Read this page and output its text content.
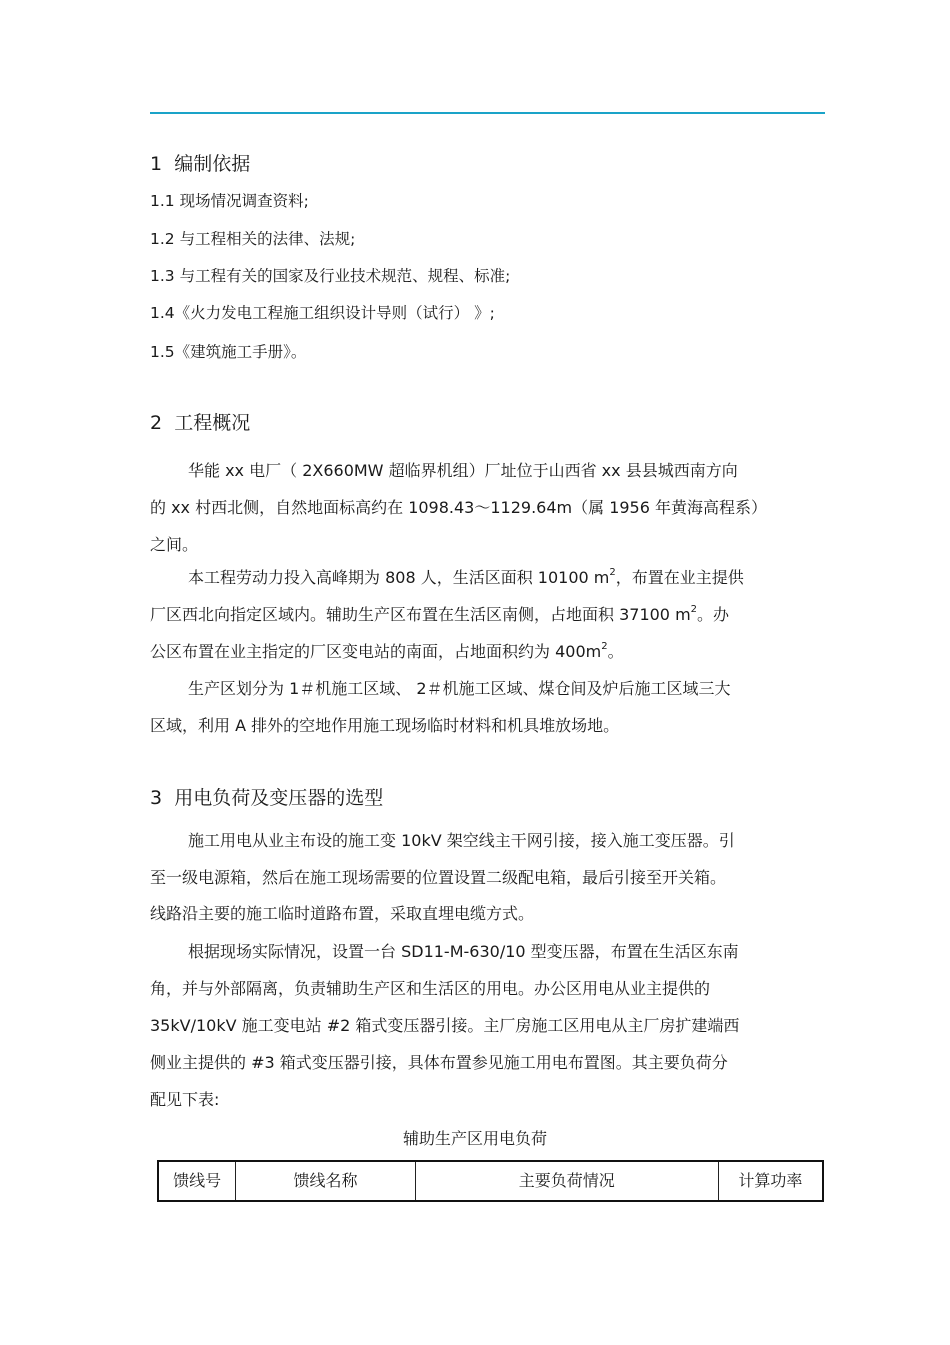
1 编制依据
1.1 现场情况调查资料;
1.2 与工程相关的法律、法规;
1.3 与工程有关的国家及行业技术规范、规程、标准;
1.4《火力发电工程施工组织设计导则（试行） 》;
1.5《建筑施工手册》。
2 工程概况
华能 xx 电厂（ 2X660MW 超临界机组）厂址位于山西省 xx 县县城西南方向
的 xx 村西北侧，自然地面标高约在 1098.43～1129.64m（属 1956 年黄海高程系）
之间。
本工程劳动力投入高峰期为 808 人，生活区面积 10100 $m^2$，布置在业主提供
厂区西北向指定区域内。辅助生产区布置在生活区南侧，占地面积 37100 $m^2$。办
公区布置在业主指定的厂区变电站的南面，占地面积约为 $400m^2$。
生产区划分为 1＃机施工区域、 2＃机施工区域、煤仓间及炉后施工区域三大
区域，利用 A 排外的空地作用施工现场临时材料和机具堆放场地。
3 用电负荷及变压器的选型
施工用电从业主布设的施工变 10kV 架空线主干网引接，接入施工变压器。引
至一级电源箱，然后在施工现场需要的位置设置二级配电箱，最后引接至开关箱。
线路沿主要的施工临时道路布置，采取直埋电缆方式。
根据现场实际情况，设置一台 SD11-M-630/10 型变压器，布置在生活区东南
角，并与外部隔离，负责辅助生产区和生活区的用电。办公区用电从业主提供的
35kV/10kV 施工变电站 #2 箱式变压器引接。主厂房施工区用电从主厂房扩建端西
侧业主提供的 #3 箱式变压器引接，具体布置参见施工用电布置图。其主要负荷分
配见下表:
辅助生产区用电负荷
馈线号	馈线名称	主要负荷情况	计算功率
